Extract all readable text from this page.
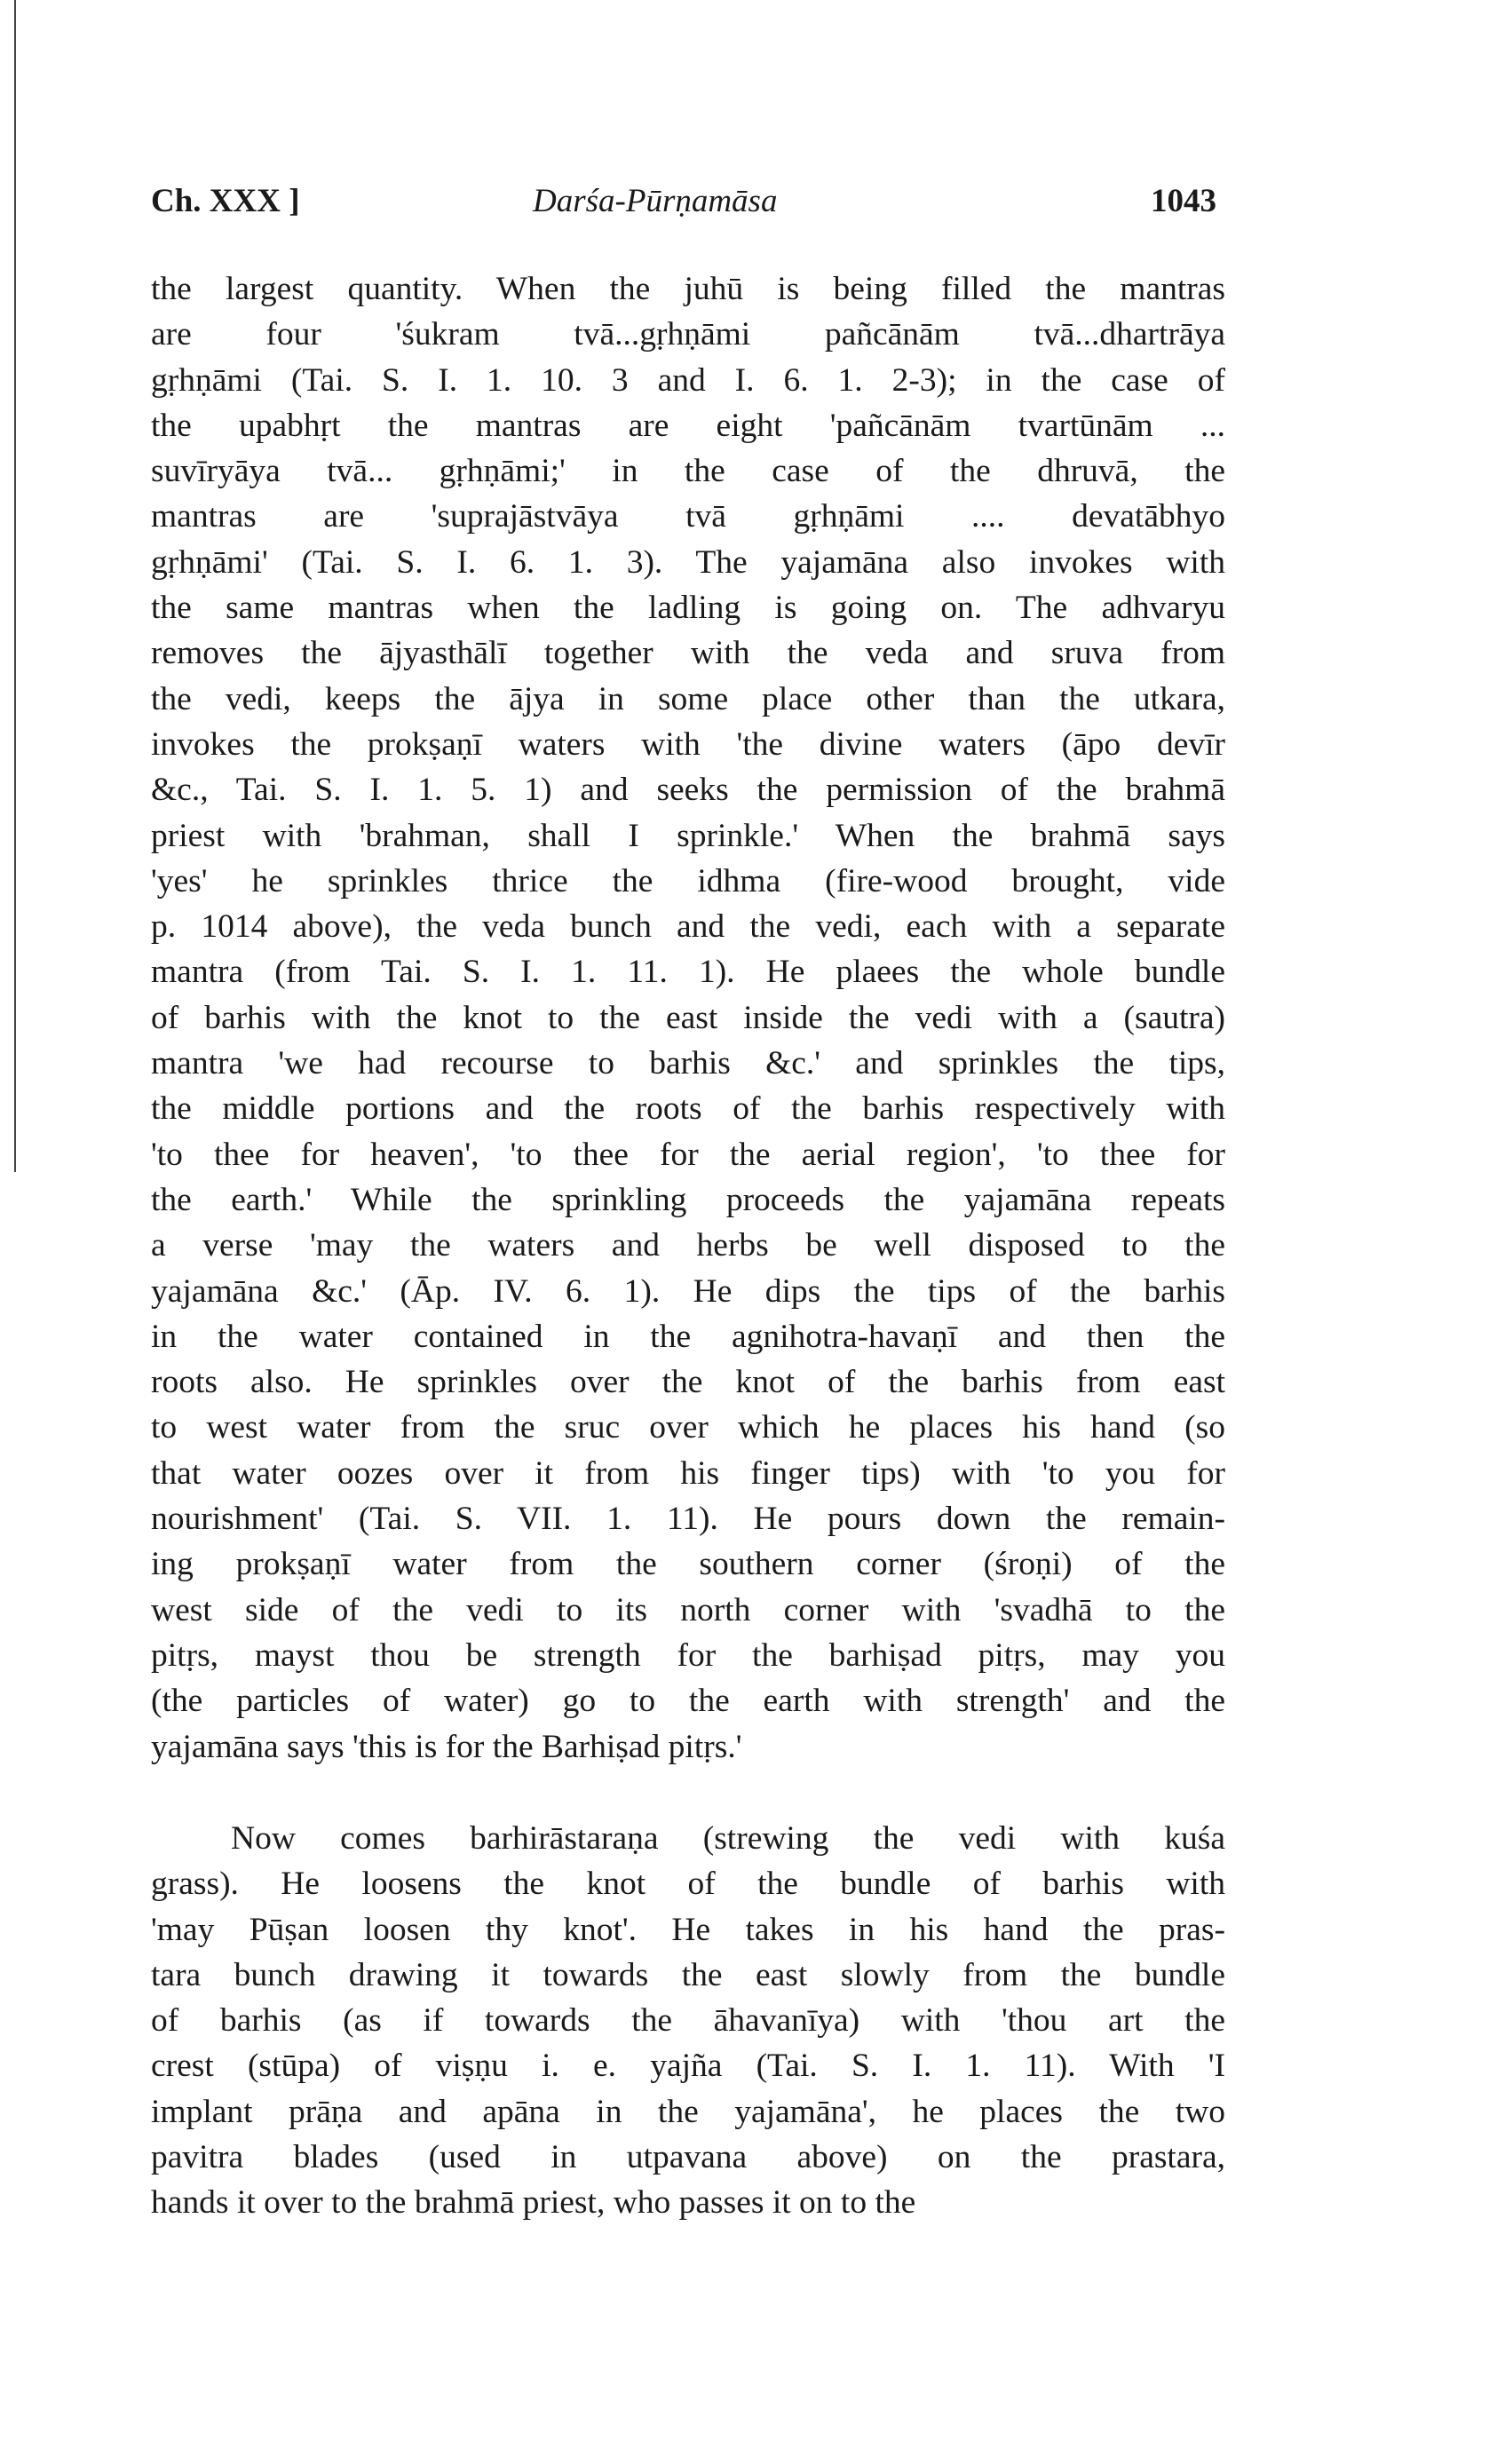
Ch. XXX ]	Darśa-Pūrṇamāsa	1043
the largest quantity. When the juhū is being filled the mantras
are four 'śukram tvā...gṛhṇāmi pañcānām tvā...dhartrāya
gṛhṇāmi (Tai. S. I. 1. 10. 3 and I. 6. 1. 2-3); in the case of
the upabhṛt the mantras are eight 'pañcānām tvartūnām ...
suvīryāya tvā... gṛhṇāmi;' in the case of the dhruvā, the
mantras are 'suprajāstvāya tvā gṛhṇāmi .... devatābhyo
gṛhṇāmi' (Tai. S. I. 6. 1. 3). The yajamāna also invokes with
the same mantras when the ladling is going on. The adhvaryu
removes the ājyasthālī together with the veda and sruva from
the vedi, keeps the ājya in some place other than the utkara,
invokes the prokṣaṇī waters with 'the divine waters (āpo devīr
&c., Tai. S. I. 1. 5. 1) and seeks the permission of the brahmā
priest with 'brahman, shall I sprinkle.' When the brahmā says
'yes' he sprinkles thrice the idhma (fire-wood brought, vide
p. 1014 above), the veda bunch and the vedi, each with a separate
mantra (from Tai. S. I. 1. 11. 1). He plaees the whole bundle
of barhis with the knot to the east inside the vedi with a (sautra)
mantra 'we had recourse to barhis &c.' and sprinkles the tips,
the middle portions and the roots of the barhis respectively with
'to thee for heaven', 'to thee for the aerial region', 'to thee for
the earth.' While the sprinkling proceeds the yajamāna repeats
a verse 'may the waters and herbs be well disposed to the
yajamāna &c.' (Āp. IV. 6. 1). He dips the tips of the barhis
in the water contained in the agnihotra-havaṇī and then the
roots also. He sprinkles over the knot of the barhis from east
to west water from the sruc over which he places his hand (so
that water oozes over it from his finger tips) with 'to you for
nourishment' (Tai. S. VII. 1. 11). He pours down the remain-
ing prokṣaṇī water from the southern corner (śroṇi) of the
west side of the vedi to its north corner with 'svadhā to the
pitṛs, mayst thou be strength for the barhiṣad pitṛs, may you
(the particles of water) go to the earth with strength' and the
yajamāna says 'this is for the Barhiṣad pitṛs.'
Now comes barhirāstaraṇa (strewing the vedi with kuśa
grass). He loosens the knot of the bundle of barhis with
'may Pūṣan loosen thy knot'. He takes in his hand the pras-
tara bunch drawing it towards the east slowly from the bundle
of barhis (as if towards the āhavanīya) with 'thou art the
crest (stūpa) of viṣṇu i. e. yajña (Tai. S. I. 1. 11). With 'I
implant prāṇa and apāna in the yajamāna', he places the two
pavitra blades (used in utpavana above) on the prastara,
hands it over to the brahmā priest, who passes it on to the
